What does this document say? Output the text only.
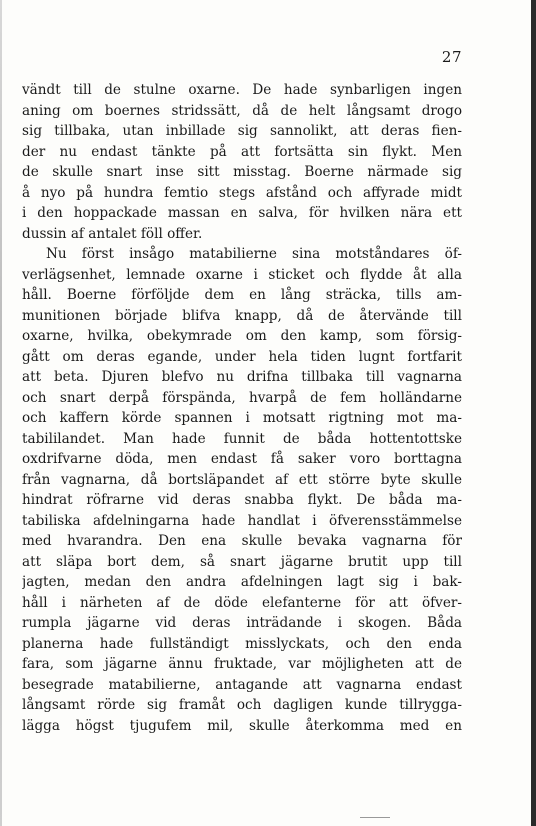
27
vändt till de stulne oxarne. De hade synbarligen ingen
aning om boernes stridssätt, då de helt långsamt drogo
sig tillbaka, utan inbillade sig sannolikt, att deras fien-
der nu endast tänkte på att fortsätta sin flykt. Men
de skulle snart inse sitt misstag. Boerne närmade sig
å nyo på hundra femtio stegs afstånd och affyrade midt
i den hoppackade massan en salva, för hvilken nära ett
dussin af antalet föll offer.
Nu först insågo matabilierne sina motståndares öf-
verlägsenhet, lemnade oxarne i sticket och flydde åt alla
håll. Boerne förföljde dem en lång sträcka, tills am-
munitionen började blifva knapp, då de återvände till
oxarne, hvilka, obekymrade om den kamp, som försig-
gått om deras egande, under hela tiden lugnt fortfarit
att beta. Djuren blefvo nu drifna tillbaka till vagnarna
och snart derpå förspända, hvarpå de fem holländarne
och kaffern körde spannen i motsatt rigtning mot ma-
tabililandet. Man hade funnit de båda hottentottske
oxdrifvarne döda, men endast få saker voro borttagna
från vagnarna, då bortsläpandet af ett större byte skulle
hindrat röfrarne vid deras snabba flykt. De båda ma-
tabiliska afdelningarna hade handlat i öfverensstämmelse
med hvarandra. Den ena skulle bevaka vagnarna för
att släpa bort dem, så snart jägarne brutit upp till
jagten, medan den andra afdelningen lagt sig i bak-
håll i närheten af de döde elefanterne för att öfver-
rumpla jägarne vid deras inträdande i skogen. Båda
planerna hade fullständigt misslyckats, och den enda
fara, som jägarne ännu fruktade, var möjligheten att de
besegrade matabilierne, antagande att vagnarna endast
långsamt rörde sig framåt och dagligen kunde tillrygga-
lägga högst tjugufem mil, skulle återkomma med en
